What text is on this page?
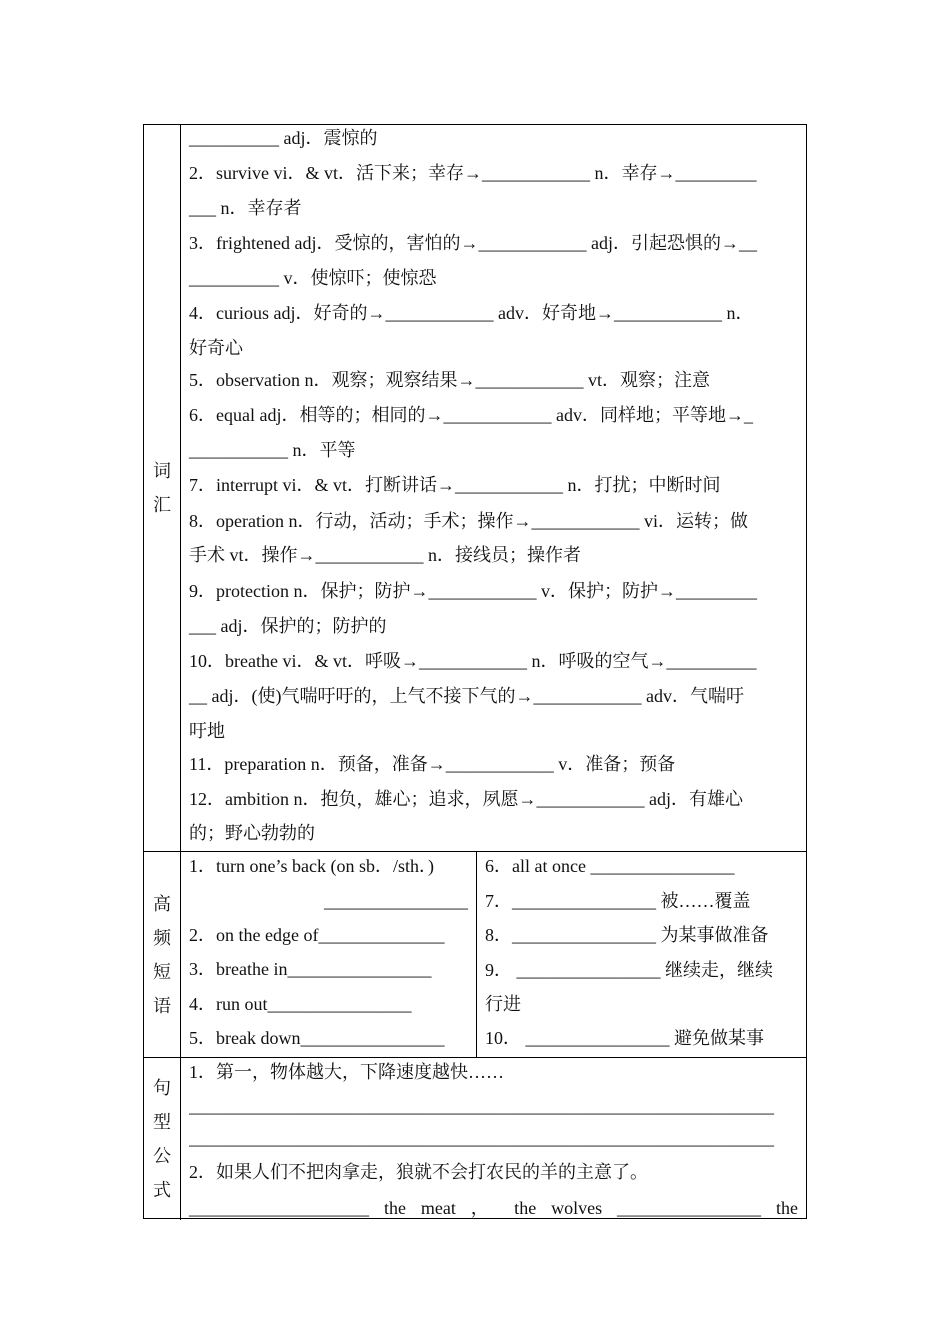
词汇
__________ adj．震惊的
2．survive vi．& vt．活下来；幸存→____________ n．幸存→_________
___ n．幸存者
3．frightened adj．受惊的，害怕的→____________ adj．引起恐惧的→__
__________ v．使惊吓；使惊恐
4．curious adj．好奇的→____________ adv．好奇地→____________ n．
好奇心
5．observation n．观察；观察结果→____________ vt．观察；注意
6．equal adj．相等的；相同的→____________ adv．同样地；平等地→_
___________ n．平等
7．interrupt vi．& vt．打断讲话→____________ n．打扰；中断时间
8．operation n．行动，活动；手术；操作→____________ vi．运转；做
手术 vt．操作→____________ n．接线员；操作者
9．protection n．保护；防护→____________ v．保护；防护→_________
___ adj．保护的；防护的
10．breathe vi．& vt．呼吸→____________ n．呼吸的空气→__________
__ adj．(使)气喘吁吁的，上气不接下气的→____________ adv．气喘吁
吁地
11．preparation n．预备，准备→____________ v．准备；预备
12．ambition n．抱负，雄心；追求，夙愿→____________ adj．有雄心
的；野心勃勃的
高频短语
1．turn one’s back (on sb．/sth．)
________________
2．on the edge of______________
3．breathe in________________
4．run out________________
5．break down________________
6．all at once ________________
7．________________ 被……覆盖
8．________________ 为某事做准备
9． ________________ 继续走，继续
行进
10． ________________ 避免做某事
句型公式
1．第一，物体越大，下降速度越快……
_________________________________________________________________
_________________________________________________________________
2．如果人们不把肉拿走，狼就不会打农民的羊的主意了。
____________________ the meat ， the wolves ________________ the
